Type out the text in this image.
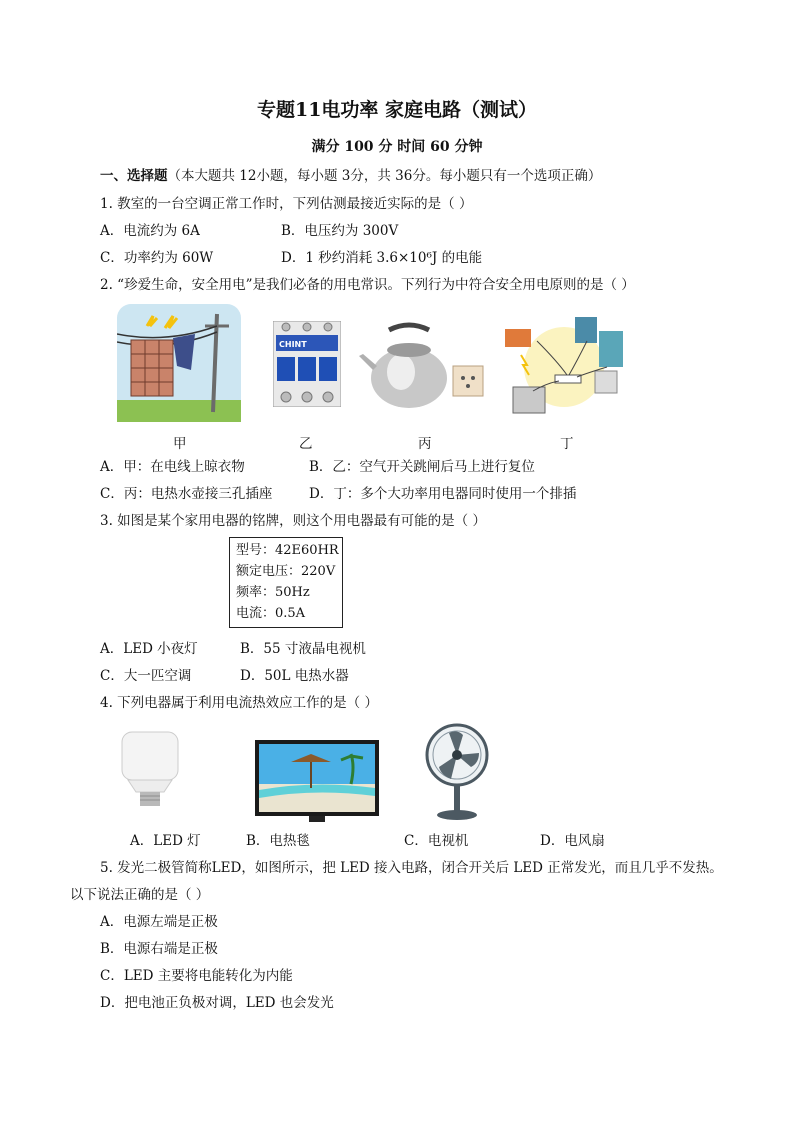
专题11电功率 家庭电路（测试）
满分 100 分 时间 60 分钟
一、选择题（本大题共 12小题，每小题 3分，共 36分。每小题只有一个选项正确）
1. 教室的一台空调正常工作时，下列估测最接近实际的是（ ）
A．电流约为 6A	B．电压约为 300V
C．功率约为 60W	D．1 秒约消耗 3.6×10⁶J 的电能
2. “珍爱生命，安全用电”是我们必备的用电常识。下列行为中符合安全用电原则的是（ ）
CHINT
甲	乙	丙	丁
A．甲：在电线上晾衣物	B．乙：空气开关跳闸后马上进行复位
C．丙：电热水壶接三孔插座	D．丁：多个大功率用电器同时使用一个排插
3. 如图是某个家用电器的铭牌，则这个用电器最有可能的是（ ）
型号：42E60HR
额定电压：220V
频率：50Hz
电流：0.5A
A．LED 小夜灯	B．55 寸液晶电视机
C．大一匹空调	D．50L 电热水器
4. 下列电器属于利用电流热效应工作的是（ ）
A．LED 灯	B．电热毯	C．电视机	D．电风扇
5. 发光二极管简称LED，如图所示，把 LED 接入电路，闭合开关后 LED 正常发光，而且几乎不发热。
以下说法正确的是（ ）
A．电源左端是正极
B．电源右端是正极
C．LED 主要将电能转化为内能
D．把电池正负极对调，LED 也会发光
